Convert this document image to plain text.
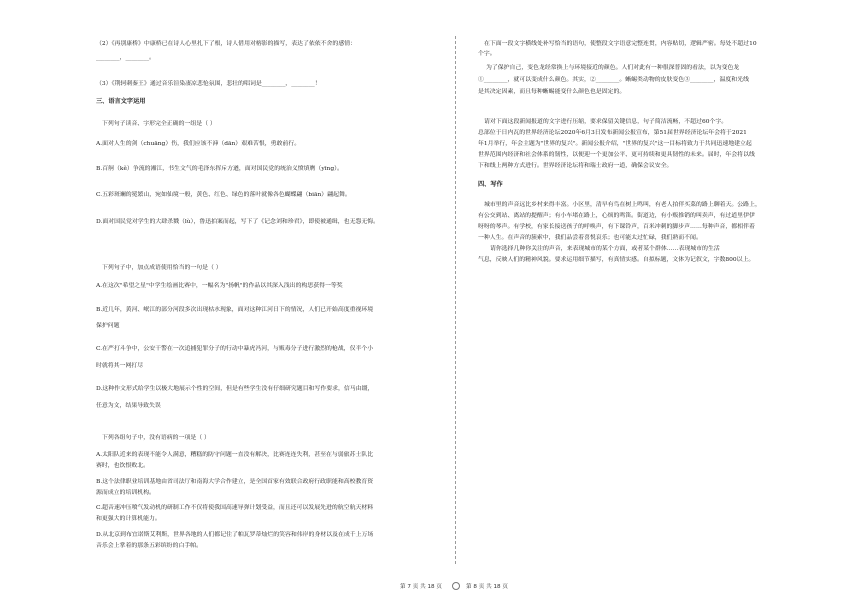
（2）《再别康桥》中康桥已在诗人心里扎下了根，诗人借用对榕影的描写，表达了依依不舍的感情：

________，________。

（3）《荆轲刺秦王》通过音乐渲染凄凉悲怆氛围，悲壮的唱词是________，________！

三、语言文字运用

下列句子读音、字形完全正确的一组是（ ）

A.面对人生的剑（chuāng）伤，我们应该不渖（dān）艰难苦恨，勇敢前行。

B.百舸（kě）争流的湘江，书生文气的毛泽东挥斥方遒，面对国民党的统治义愤填膺（yīng）。

C.五彩斑斓的冕繁山，宛如仙境一般，黄色、红色、绿色的落叶就像各色蝴蝶翩（biān）翩起舞。

D.面对国民党对学生的大肆杀戮（lù），鲁迅拍案而起，写下了《记念刘和珍君》，即使被通缉，也无怨无悔。

下列句子中，加点成语使用恰当的一句是（ ）

A.在这次"希望之星"中学生绘画比赛中，一幅名为"扬帆"的作品以其深入浅出的构思获得一等奖

B.近几年，黄河、岷江的部分河段多次出现枯水现象，面对这种江河日下的情况，人们已开始高度重视环境

保护问题

C.在严打斗争中，公安干警在一次追捕犯罪分子的行动中暴虎冯河，与贩毒分子进行激烈的枪战，仅半个小

时就将其一网打尽

D.这种作文形式给学生以极大地展示个性的空间，但是有些学生没有仔细研究题目和写作要求，信马由缰，

任意为文，结果导致失误

下列各组句子中，没有语病的一项是（ ）

A.太阳队近来的表现不能令人满意，糟糕的防守问题一直没有解决，比赛连连失利，甚至在与弱旅苏士队比

赛时，也饮恨败北。

B.这个法律职业培训基地由省司法厅和南海大学合作建立，是全国首家有效联合政府行政职能和高校教育资

源而成立的培训机构。

C.超音速冲压喷气发动机的研制工作不仅将使我国高速导弹计划受益，而且还可以发展先进的航空航天材料

和更强大的计算机能力。

D.从北京到布宜诺斯艾利斯，世界各地的人们都记住了帕瓦罗蒂灿烂的笑容和伟岸的身材以及在成千上万场

音乐会上掌着的那条五彩缤纷的白手帕。

在下面一段文字横线处补写恰当的语句，使整段文字语意完整连贯，内容贴切，逻辑严密。每处不超过10

个字。

为了保护自己，变色龙经常换上与环境接近的颜色。人们对此有一种很深普固的看法，以为变色龙

①________，就可以变成什么颜色。其实，②________。蜥蜴类动物的皮肤变色③________，温度和光线

是其决定因素，而且每种蜥蜴能变什么颜色也是固定的。

请对下面这段新闻报道的文字进行压缩，要求保留关键信息，句子简洁流畅，不超过60个字。

总部位于日内瓦的世界经济论坛2020年6月3日发布新闻公报宣布，第51届世界经济论坛年会将于2021

年1月举行，年会主题为"世界的复兴"。新闻公报介绍，"世界的复兴"这一目标将致力于共同迅速地建立起

世界范围内经济和社会体系的韧性，以便迎一个更加公平、更可持续和更具韧性的未来。届时，年会将以线

下和线上两种方式进行。世界经济论坛将和瑞士政府一道，确保会议安全。

四、写作

城市里的声音远比乡村来得丰富。小区里，清早有鸟在树上鸣叫，有老人拍伴买菜的路上聊着天。公路上，

有公交到站、离站的提醒声；有小车堵在路上，心烦的鸣笛。街道边，有小贩推销的叫卖声，有过道里伊伊

呀呀的琴声。有学校，有家长接送孩子的呼唤声，有下课铃声，百米冲刺的脚步声……每种声音，都相伴着

一种人生。在声音的簇索中，我们品尝着喜悦哀乐；也可能太过忙碌，我们熟而不闻。

请你选择几种你关注的声音，来表现城市的某个方面，或者某个群体……表现城市的生活

气息，反映人们的精神风貌。要求运用细节描写，有真情实感。自拟标题，文体为记叙文，字数800以上。

第 7 页 共 18 页	第 8 页 共 18 页
